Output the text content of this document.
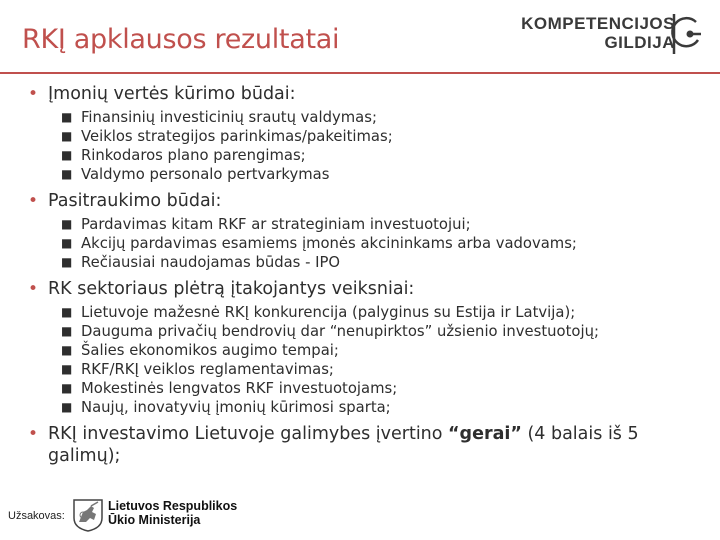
RKĮ apklausos rezultatai
KOMPETENCIJOS
GILDIJA
• Įmonių vertės kūrimo būdai:
■ Finansinių investicinių srautų valdymas;
■ Veiklos strategijos parinkimas/pakeitimas;
■ Rinkodaros plano parengimas;
■ Valdymo personalo pertvarkymas
• Pasitraukimo būdai:
■ Pardavimas kitam RKF ar strateginiam investuotojui;
■ Akcijų pardavimas esamiems įmonės akcininkams arba vadovams;
■ Rečiausiai naudojamas būdas - IPO
• RK sektoriaus plėtrą įtakojantys veiksniai:
■ Lietuvoje mažesnė RKĮ konkurencija (palyginus su Estija ir Latvija);
■ Dauguma privačių bendrovių dar “nenupirktos” užsienio investuotojų;
■ Šalies ekonomikos augimo tempai;
■ RKF/RKĮ veiklos reglamentavimas;
■ Mokestinės lengvatos RKF investuotojams;
■ Naujų, inovatyvių įmonių kūrimosi sparta;
• RKĮ investavimo Lietuvoje galimybes įvertino “gerai” (4 balais iš 5 galimų);
Užsakovas:
Lietuvos Respublikos
Ūkio Ministerija
